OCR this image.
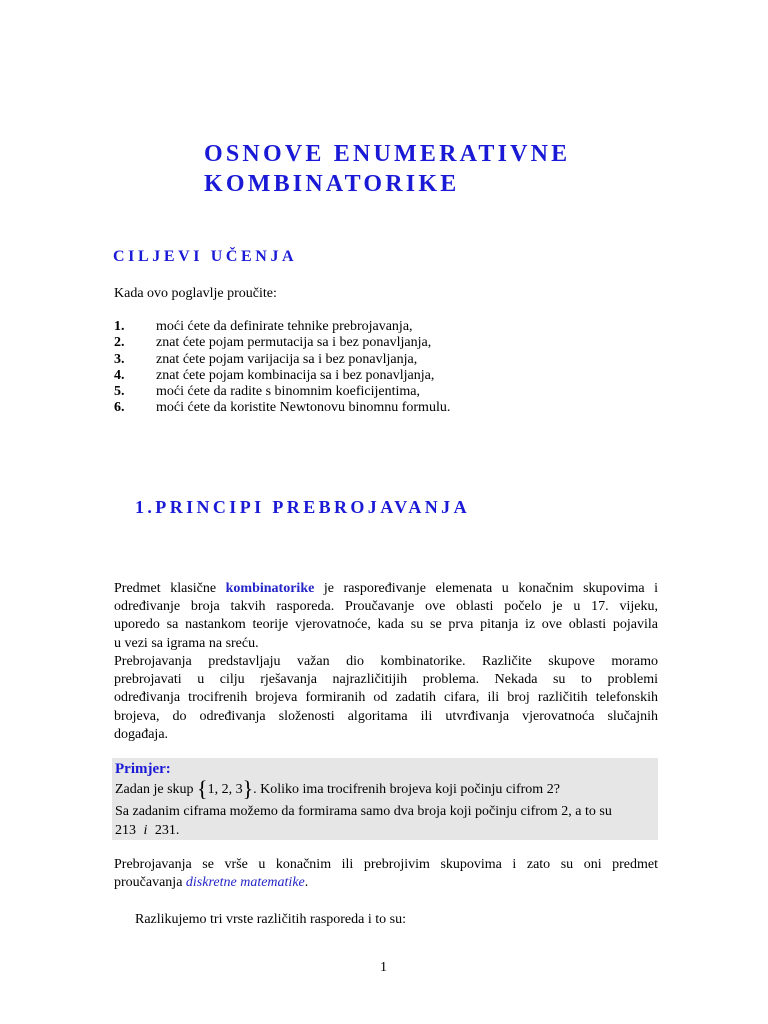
OSNOVE ENUMERATIVNE
KOMBINATORIKE
CILJEVI UČENJA
Kada ovo poglavlje proučite:
1. moći ćete da definirate tehnike prebrojavanja,
2. znat ćete pojam permutacija sa i bez ponavljanja,
3. znat ćete pojam varijacija sa i bez ponavljanja,
4. znat ćete pojam kombinacija sa i bez ponavljanja,
5. moći ćete da radite s binomnim koeficijentima,
6. moći ćete da koristite Newtonovu binomnu formulu.
1.PRINCIPI PREBROJAVANJA
Predmet klasične kombinatorike je raspoređivanje elemenata u konačnim skupovima i
određivanje broja takvih rasporeda. Proučavanje ove oblasti počelo je u 17. vijeku,
uporedo sa nastankom teorije vjerovatnoće, kada su se prva pitanja iz ove oblasti pojavila
u vezi sa igrama na sreću.
Prebrojavanja predstavljaju važan dio kombinatorike. Različite skupove moramo
prebrojavati u cilju rješavanja najrazličitijih problema. Nekada su to problemi
određivanja trocifrenih brojeva formiranih od zadatih cifara, ili broj različitih telefonskih
brojeva, do određivanja složenosti algoritama ili utvrđivanja vjerovatnoća slučajnih
događaja.
Primjer:
Zadan je skup {1, 2, 3}. Koliko ima trocifrenih brojeva koji počinju cifrom 2?
Sa zadanim ciframa možemo da formirama samo dva broja koji počinju cifrom 2, a to su
213 i 231.
Prebrojavanja se vrše u konačnim ili prebrojivim skupovima i zato su oni predmet
proučavanja diskretne matematike.
Razlikujemo tri vrste različitih rasporeda i to su:
1
